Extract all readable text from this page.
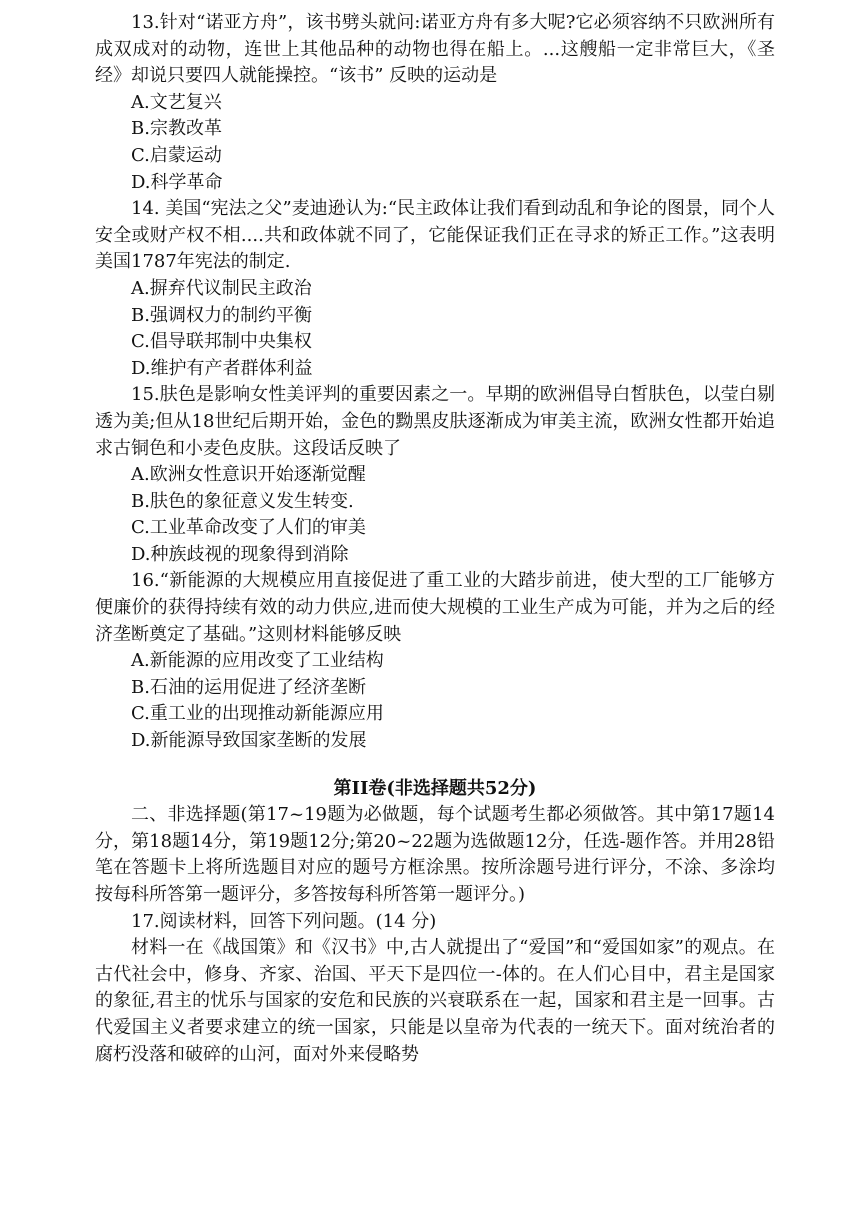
13.针对“诺亚方舟”，该书劈头就问:诺亚方舟有多大呢?它必须容纳不只欧洲所有成双成对的动物，连世上其他品种的动物也得在船上。...这艘船一定非常巨大，《圣经》却说只要四人就能操控。“该书” 反映的运动是

A.文艺复兴

B.宗教改革

C.启蒙运动

D.科学革命

14. 美国“宪法之父”麦迪逊认为:“民主政体让我们看到动乱和争论的图景，同个人安全或财产权不相....共和政体就不同了，它能保证我们正在寻求的矫正工作。”这表明美国1787年宪法的制定.

A.摒弃代议制民主政治

B.强调权力的制约平衡

C.倡导联邦制中央集权

D.维护有产者群体利益

15.肤色是影响女性美评判的重要因素之一。早期的欧洲倡导白皙肤色，以莹白剔透为美;但从18世纪后期开始，金色的黝黑皮肤逐渐成为审美主流，欧洲女性都开始追求古铜色和小麦色皮肤。这段话反映了

A.欧洲女性意识开始逐渐觉醒

B.肤色的象征意义发生转变.

C.工业革命改变了人们的审美

D.种族歧视的现象得到消除

16.“新能源的大规模应用直接促进了重工业的大踏步前进，使大型的工厂能够方便廉价的获得持续有效的动力供应,进而使大规模的工业生产成为可能，并为之后的经济垄断奠定了基础。”这则材料能够反映

A.新能源的应用改变了工业结构

B.石油的运用促进了经济垄断

C.重工业的出现推动新能源应用

D.新能源导致国家垄断的发展

第II卷(非选择题共52分)

二、非选择题(第17~19题为必做题，每个试题考生都必须做答。其中第17题14分，第18题14分，第19题12分;第20~22题为选做题12分，任选-题作答。并用28铅笔在答题卡上将所选题目对应的题号方框涂黑。按所涂题号进行评分，不涂、多涂均按每科所答第一题评分，多答按每科所答第一题评分。)

17.阅读材料，回答下列问题。(14 分)

材料一在《战国策》和《汉书》中,古人就提出了“爱国”和“爱国如家”的观点。在古代社会中，修身、齐家、治国、平天下是四位一-体的。在人们心目中，君主是国家的象征,君主的忧乐与国家的安危和民族的兴衰联系在一起，国家和君主是一回事。古代爱国主义者要求建立的统一国家，只能是以皇帝为代表的一统天下。面对统治者的腐朽没落和破碎的山河，面对外来侵略势
